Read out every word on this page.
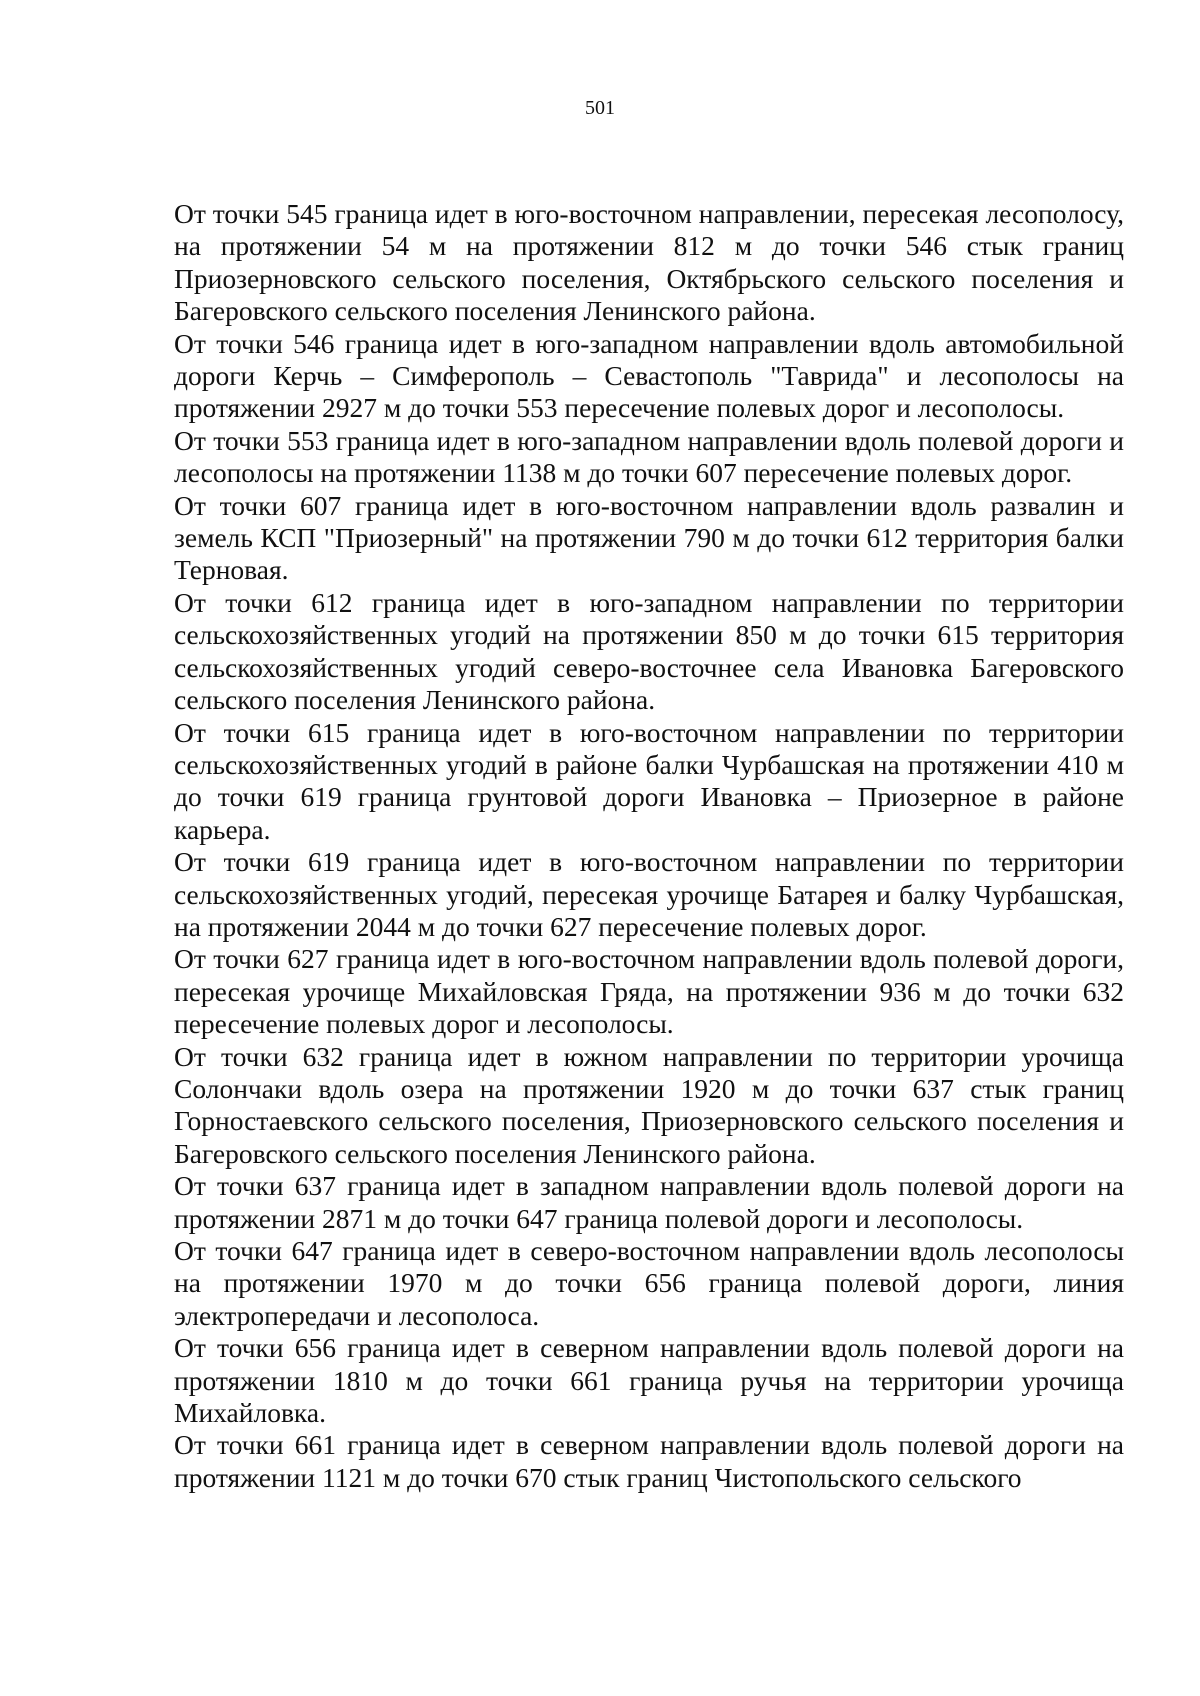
501

От точки 545 граница идет в юго-восточном направлении, пересекая лесополосу, на протяжении 54 м на протяжении 812 м до точки 546 стык границ Приозерновского сельского поселения, Октябрьского сельского поселения и Багеровского сельского поселения Ленинского района.

От точки 546 граница идет в юго-западном направлении вдоль автомобильной дороги Керчь – Симферополь – Севастополь "Таврида" и лесополосы на протяжении 2927 м до точки 553 пересечение полевых дорог и лесополосы.

От точки 553 граница идет в юго-западном направлении вдоль полевой дороги и лесополосы на протяжении 1138 м до точки 607 пересечение полевых дорог.

От точки 607 граница идет в юго-восточном направлении вдоль развалин и земель КСП "Приозерный" на протяжении 790 м до точки 612 территория балки Терновая.

От точки 612 граница идет в юго-западном направлении по территории сельскохозяйственных угодий на протяжении 850 м до точки 615 территория сельскохозяйственных угодий северо-восточнее села Ивановка Багеровского сельского поселения Ленинского района.

От точки 615 граница идет в юго-восточном направлении по территории сельскохозяйственных угодий в районе балки Чурбашская на протяжении 410 м до точки 619 граница грунтовой дороги Ивановка – Приозерное в районе карьера.

От точки 619 граница идет в юго-восточном направлении по территории сельскохозяйственных угодий, пересекая урочище Батарея и балку Чурбашская, на протяжении 2044 м до точки 627 пересечение полевых дорог.

От точки 627 граница идет в юго-восточном направлении вдоль полевой дороги, пересекая урочище Михайловская Гряда, на протяжении 936 м до точки 632 пересечение полевых дорог и лесополосы.

От точки 632 граница идет в южном направлении по территории урочища Солончаки вдоль озера на протяжении 1920 м до точки 637 стык границ Горностаевского сельского поселения, Приозерновского сельского поселения и Багеровского сельского поселения Ленинского района.

От точки 637 граница идет в западном направлении вдоль полевой дороги на протяжении 2871 м до точки 647 граница полевой дороги и лесополосы.

От точки 647 граница идет в северо-восточном направлении вдоль лесополосы на протяжении 1970 м до точки 656 граница полевой дороги, линия электропередачи и лесополоса.

От точки 656 граница идет в северном направлении вдоль полевой дороги на протяжении 1810 м до точки 661 граница ручья на территории урочища Михайловка.

От точки 661 граница идет в северном направлении вдоль полевой дороги на протяжении 1121 м до точки 670 стык границ Чистопольского сельского
